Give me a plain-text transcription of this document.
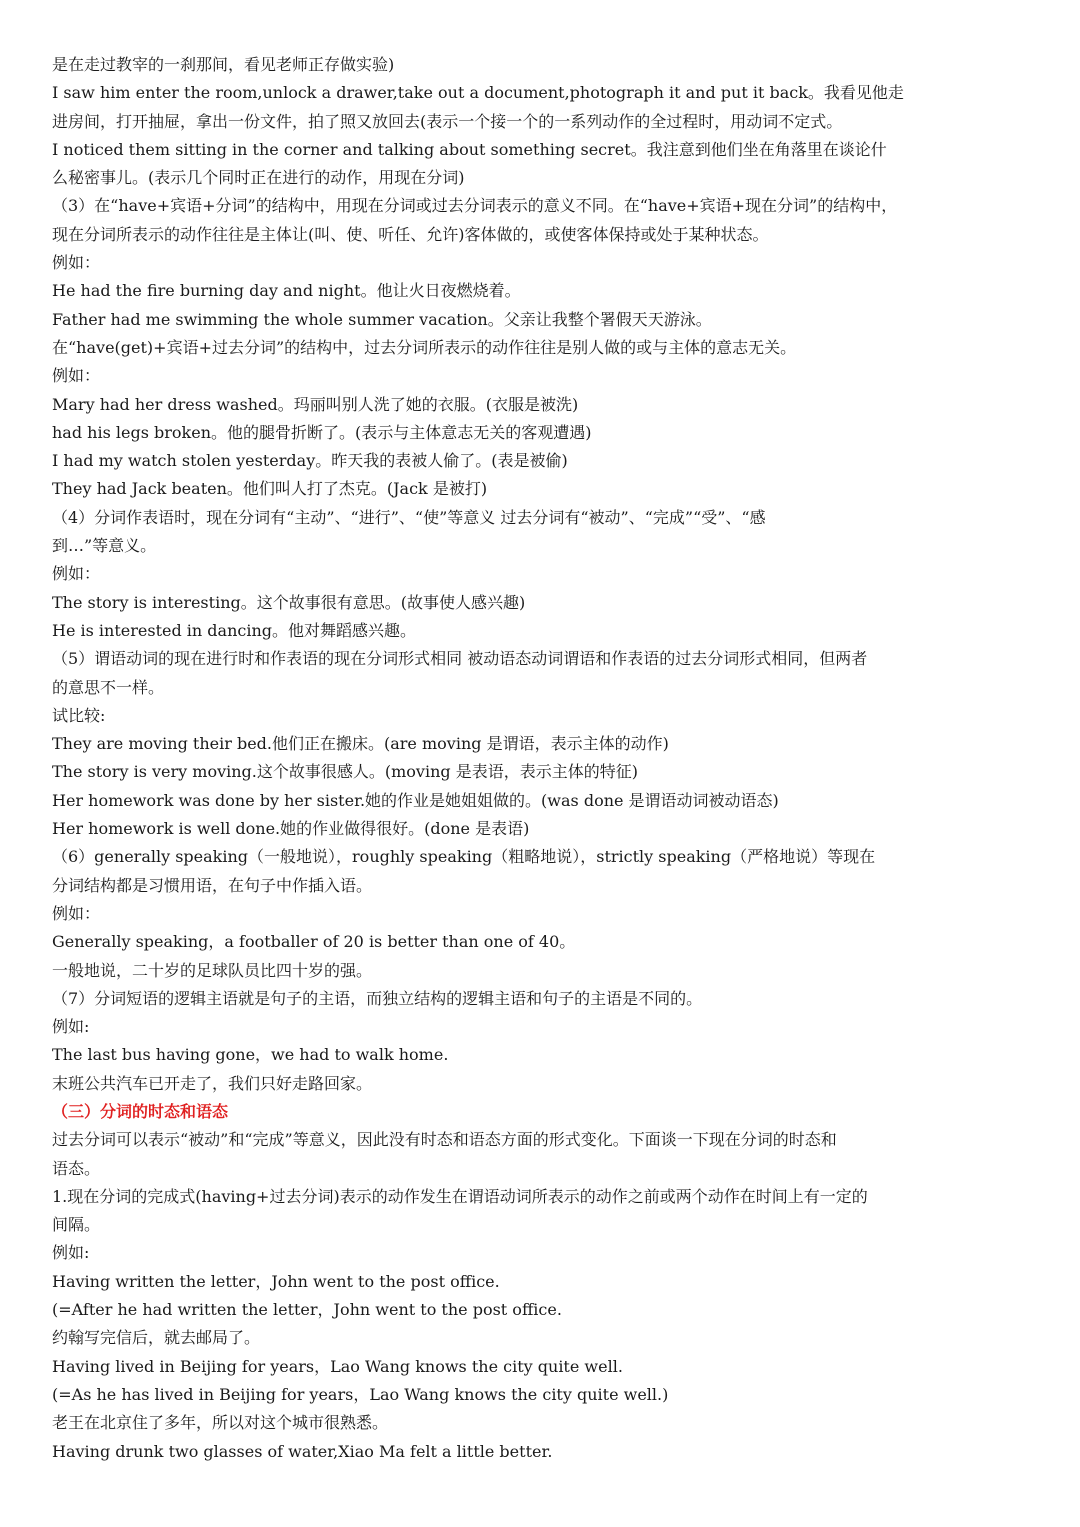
是在走过教宰的一刹那间，看见老师正存做实验)

I saw him enter the room,unlock a drawer,take out a document,photograph it and put it back。我看见他走

进房间，打开抽屉，拿出一份文件，拍了照又放回去(表示一个接一个的一系列动作的全过程时，用动词不定式。

I noticed them sitting in the corner and talking about something secret。我注意到他们坐在角落里在谈论什

么秘密事儿。(表示几个同时正在进行的动作，用现在分词)

（3）在“have+宾语+分词”的结构中，用现在分词或过去分词表示的意义不同。在“have+宾语+现在分词”的结构中，

现在分词所表示的动作往往是主体让(叫、使、听任、允许)客体做的，或使客体保持或处于某种状态。

例如：

He had the fire burning day and night。他让火日夜燃烧着。

Father had me swimming the whole summer vacation。父亲让我整个署假天天游泳。

在“have(get)+宾语+过去分词”的结构中，过去分词所表示的动作往往是别人做的或与主体的意志无关。

例如：

Mary had her dress washed。玛丽叫别人洗了她的衣服。(衣服是被洗)

had his legs broken。他的腿骨折断了。(表示与主体意志无关的客观遭遇)

I had my watch stolen yesterday。昨天我的表被人偷了。(表是被偷)

They had Jack beaten。他们叫人打了杰克。(Jack 是被打)

（4）分词作表语时，现在分词有“主动”、“进行”、“使”等意义 过去分词有“被动”、“完成”“受”、“感

到…”等意义。

例如：

The story is interesting。这个故事很有意思。(故事使人感兴趣)

He is interested in dancing。他对舞蹈感兴趣。

（5）谓语动词的现在进行时和作表语的现在分词形式相同 被动语态动词谓语和作表语的过去分词形式相同，但两者

的意思不一样。

试比较:

They are moving their bed.他们正在搬床。(are moving 是谓语，表示主体的动作)

The story is very moving.这个故事很感人。(moving 是表语，表示主体的特征)

Her homework was done by her sister.她的作业是她姐姐做的。(was done 是谓语动词被动语态)

Her homework is well done.她的作业做得很好。(done 是表语)

（6）generally speaking（一般地说），roughly speaking（粗略地说），strictly speaking（严格地说）等现在

分词结构都是习惯用语，在句子中作插入语。

例如：

Generally speaking，a footballer of 20 is better than one of 40。

一般地说，二十岁的足球队员比四十岁的强。

（7）分词短语的逻辑主语就是句子的主语，而独立结构的逻辑主语和句子的主语是不同的。

例如:

The last bus having gone，we had to walk home.

末班公共汽车已开走了，我们只好走路回家。

（三）分词的时态和语态

过去分词可以表示“被动”和“完成”等意义，因此没有时态和语态方面的形式变化。下面谈一下现在分词的时态和

语态。

1.现在分词的完成式(having+过去分词)表示的动作发生在谓语动词所表示的动作之前或两个动作在时间上有一定的

间隔。

例如:

Having written the letter，John went to the post office.

(=After he had written the letter，John went to the post office.

约翰写完信后，就去邮局了。

Having lived in Beijing for years，Lao Wang knows the city quite well.

(=As he has lived in Beijing for years，Lao Wang knows the city quite well.)

老王在北京住了多年，所以对这个城市很熟悉。

Having drunk two glasses of water,Xiao Ma felt a little better.
